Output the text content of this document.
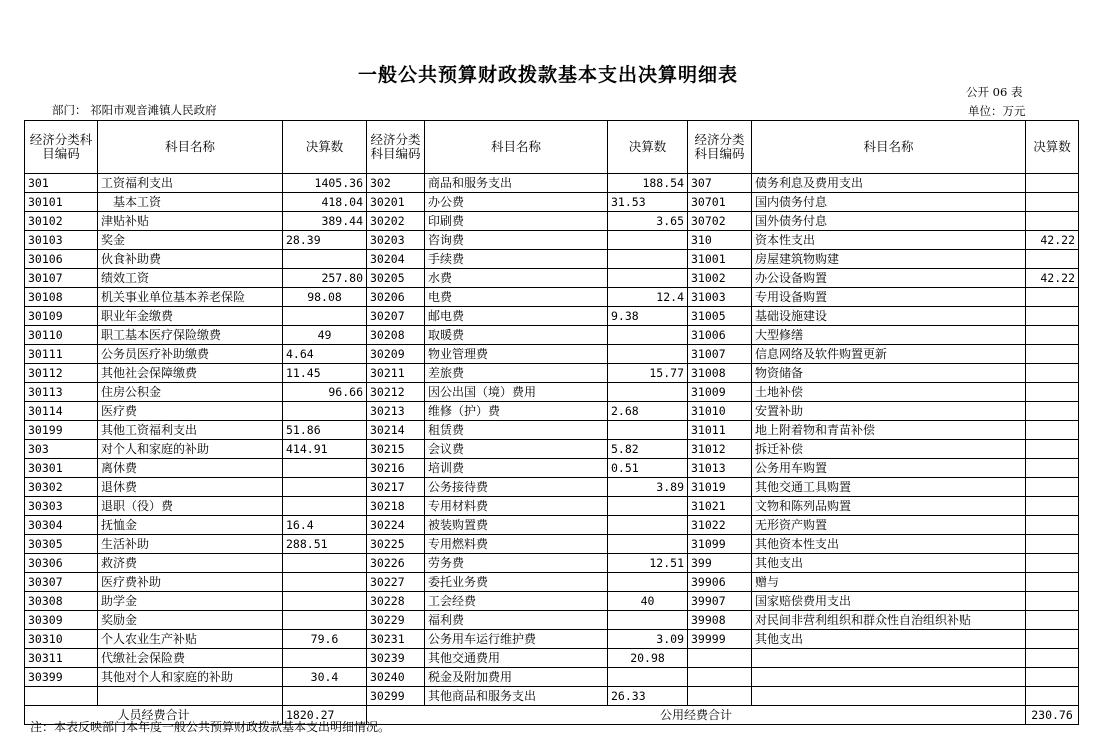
一般公共预算财政拨款基本支出决算明细表
公开 06 表
部门： 祁阳市观音滩镇人民政府	单位：万元
经济分类科目编码	科目名称	决算数	经济分类科目编码	科目名称	决算数	经济分类科目编码	科目名称	决算数
301	工资福利支出	1405.36	302	商品和服务支出	188.54	307	债务利息及费用支出	
30101	　基本工资	418.04	30201	办公费	31.53	30701	国内债务付息	
30102	津贴补贴	389.44	30202	印刷费	3.65	30702	国外债务付息	
30103	奖金	28.39	30203	咨询费		310	资本性支出	42.22
30106	伙食补助费		30204	手续费		31001	房屋建筑物购建	
30107	绩效工资	257.80	30205	水费		31002	办公设备购置	42.22
30108	机关事业单位基本养老保险	98.08	30206	电费	12.4	31003	专用设备购置	
30109	职业年金缴费		30207	邮电费	9.38	31005	基础设施建设	
30110	职工基本医疗保险缴费	49	30208	取暖费		31006	大型修缮	
30111	公务员医疗补助缴费	4.64	30209	物业管理费		31007	信息网络及软件购置更新	
30112	其他社会保障缴费	11.45	30211	差旅费	15.77	31008	物资储备	
30113	住房公积金	96.66	30212	因公出国（境）费用		31009	土地补偿	
30114	医疗费		30213	维修（护）费	2.68	31010	安置补助	
30199	其他工资福利支出	51.86	30214	租赁费		31011	地上附着物和青苗补偿	
303	对个人和家庭的补助	414.91	30215	会议费	5.82	31012	拆迁补偿	
30301	离休费		30216	培训费	0.51	31013	公务用车购置	
30302	退休费		30217	公务接待费	3.89	31019	其他交通工具购置	
30303	退职（役）费		30218	专用材料费		31021	文物和陈列品购置	
30304	抚恤金	16.4	30224	被装购置费		31022	无形资产购置	
30305	生活补助	288.51	30225	专用燃料费		31099	其他资本性支出	
30306	救济费		30226	劳务费	12.51	399	其他支出	
30307	医疗费补助		30227	委托业务费		39906	赠与	
30308	助学金		30228	工会经费	40	39907	国家赔偿费用支出	
30309	奖励金		30229	福利费		39908	对民间非营利组织和群众性自治组织补贴	
30310	个人农业生产补贴	79.6	30231	公务用车运行维护费	3.09	39999	其他支出	
30311	代缴社会保险费		30239	其他交通费用	20.98			
30399	其他对个人和家庭的补助	30.4	30240	税金及附加费用				
			30299	其他商品和服务支出	26.33			
人员经费合计		1820.27	公用经费合计					230.76
注：本表反映部门本年度一般公共预算财政拨款基本支出明细情况。
